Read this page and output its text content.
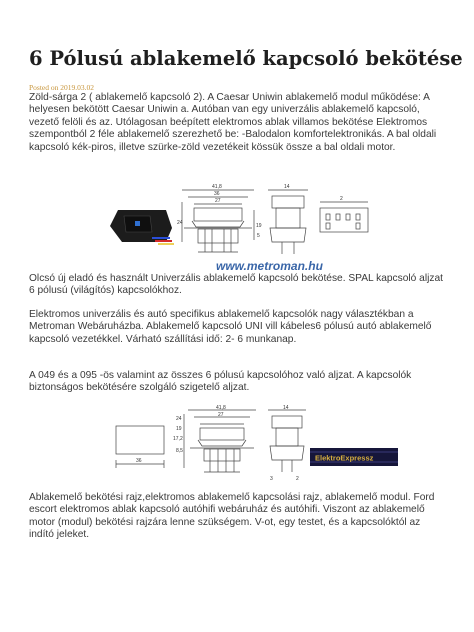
6 Pólusú ablakemelő kapcsoló bekötése
Posted on 2019.03.02
Zöld-sárga 2 ( ablakemelő kapcsoló 2). A Caesar Uniwin ablakemelő modul működése: A helyesen bekötött Caesar Uniwin a. Autóban van egy univerzális ablakemelő kapcsoló, vezető felöli és az. Utólagosan beépített elektromos ablak villamos bekötése Elektromos szempontból 2 féle ablakemelő szerezhető be: -Balodalon komfortelektronikás. A bal oldali kapcsoló kék-piros, illetve szürke-zöld vezetékeit kössük össze a bal oldali motor.
41,8
36
27
24	19
5
14
2
www.metroman.hu
Olcsó új eladó és használt Univerzális ablakemelő kapcsoló bekötése. SPAL kapcsoló aljzat 6 pólusú (világítós) kapcsolókhoz.
Elektromos univerzális és autó specifikus ablakemelő kapcsolók nagy választékban a Metroman Webáruházba. Ablakemelő kapcsoló UNI vill kábeles6 pólusú autó ablakemelő kapcsoló vezetékkel. Várható szállítási idő: 2- 6 munkanap.
A 049 és a 095 -ös valamint az összes 6 pólusú kapcsolóhoz való aljzat. A kapcsolók biztonságos bekötésére szolgáló szigetelő aljzat.
36
41,8
27
24
19
17,2
8,5
14
3	2
ElektroExpressz
Ablakemelő bekötési rajz,elektromos ablakemelő kapcsolási rajz, ablakemelő modul. Ford escort elektromos ablak kapcsoló autóhifi webáruház és autóhifi. Viszont az ablakemelő motor (modul) bekötési rajzára lenne szükségem. V-ot, egy testet, és a kapcsolóktól az indító jeleket.
